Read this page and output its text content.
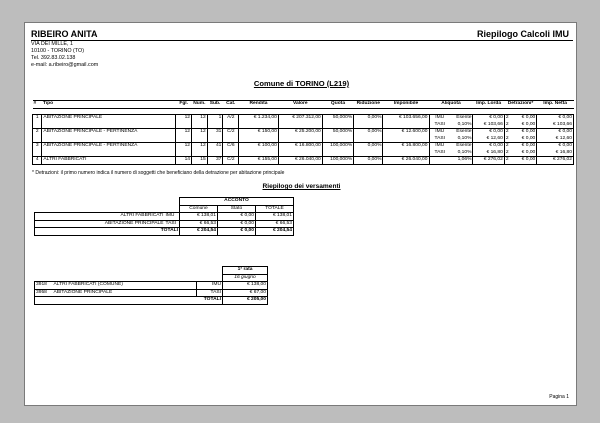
RIBEIRO ANITA	Riepilogo Calcoli IMU
VIA DEI MILLE, 1
10100 - TORINO (TO)
Tel. 392.83.02.138
e-mail: a.ribeiro@gmail.com
Comune di TORINO (L219)
#	Tipo	Fgl.	Num.	Sub.	Cat.	Rendita	Valore	Quota	Riduzione	Imponibile	Aliquota		Imp. Lorda	Detrazioni*	Imp. Netta

1	ABITAZIONE PRINCIPALE	12	12	1	A/2	€ 1.234,00	€ 207.312,00	50,000%	0,00%	€ 103.656,00	IMU	Esente	€ 0,00	2 € 0,00	€ 0,00
											TASI	0,10%	€ 103,66	2 € 0,00	€ 103,66
2	ABITAZIONE PRINCIPALE - PERTINENZA	12	12	31	C/2	€ 150,00	€ 25.200,00	50,000%	0,00%	€ 12.600,00	IMU	Esente	€ 0,00	2 € 0,00	€ 0,00
											TASI	0,10%	€ 12,60	2 € 0,00	€ 12,60
3	ABITAZIONE PRINCIPALE - PERTINENZA	12	12	41	C/6	€ 100,00	€ 16.800,00	100,000%	0,00%	€ 16.800,00	IMU	Esente	€ 0,00	2 € 0,00	€ 0,00
											TASI	0,10%	€ 16,80	2 € 0,00	€ 16,80
4	ALTRI FABBRICATI	14	15	37	C/2	€ 155,00	€ 26.040,00	100,000%	0,00%	€ 26.040,00		1,06%	€ 276,02	2 € 0,00	€ 276,02
* Detrazioni: il primo numero indica il numero di soggetti che beneficiano della detrazione per abitazione principale
Riepilogo dei versamenti
		ACCONTO		
		Comune	Stato	TOTALE
ALTRI FABBRICATI	IMU	€ 138,01	€ 0,00	€ 138,01
ABITAZIONE PRINCIPALE	TASI	€ 66,53	€ 0,00	€ 66,53
TOTALI		€ 204,54	€ 0,00	€ 204,54
			1ª rata
			16 giugno
3918	ALTRI FABBRICATI (COMUNE)	IMU	€ 138,00
3958	ABITAZIONE PRINCIPALE	TASI	€ 67,00
TOTALI			€ 205,00
Pagina 1
